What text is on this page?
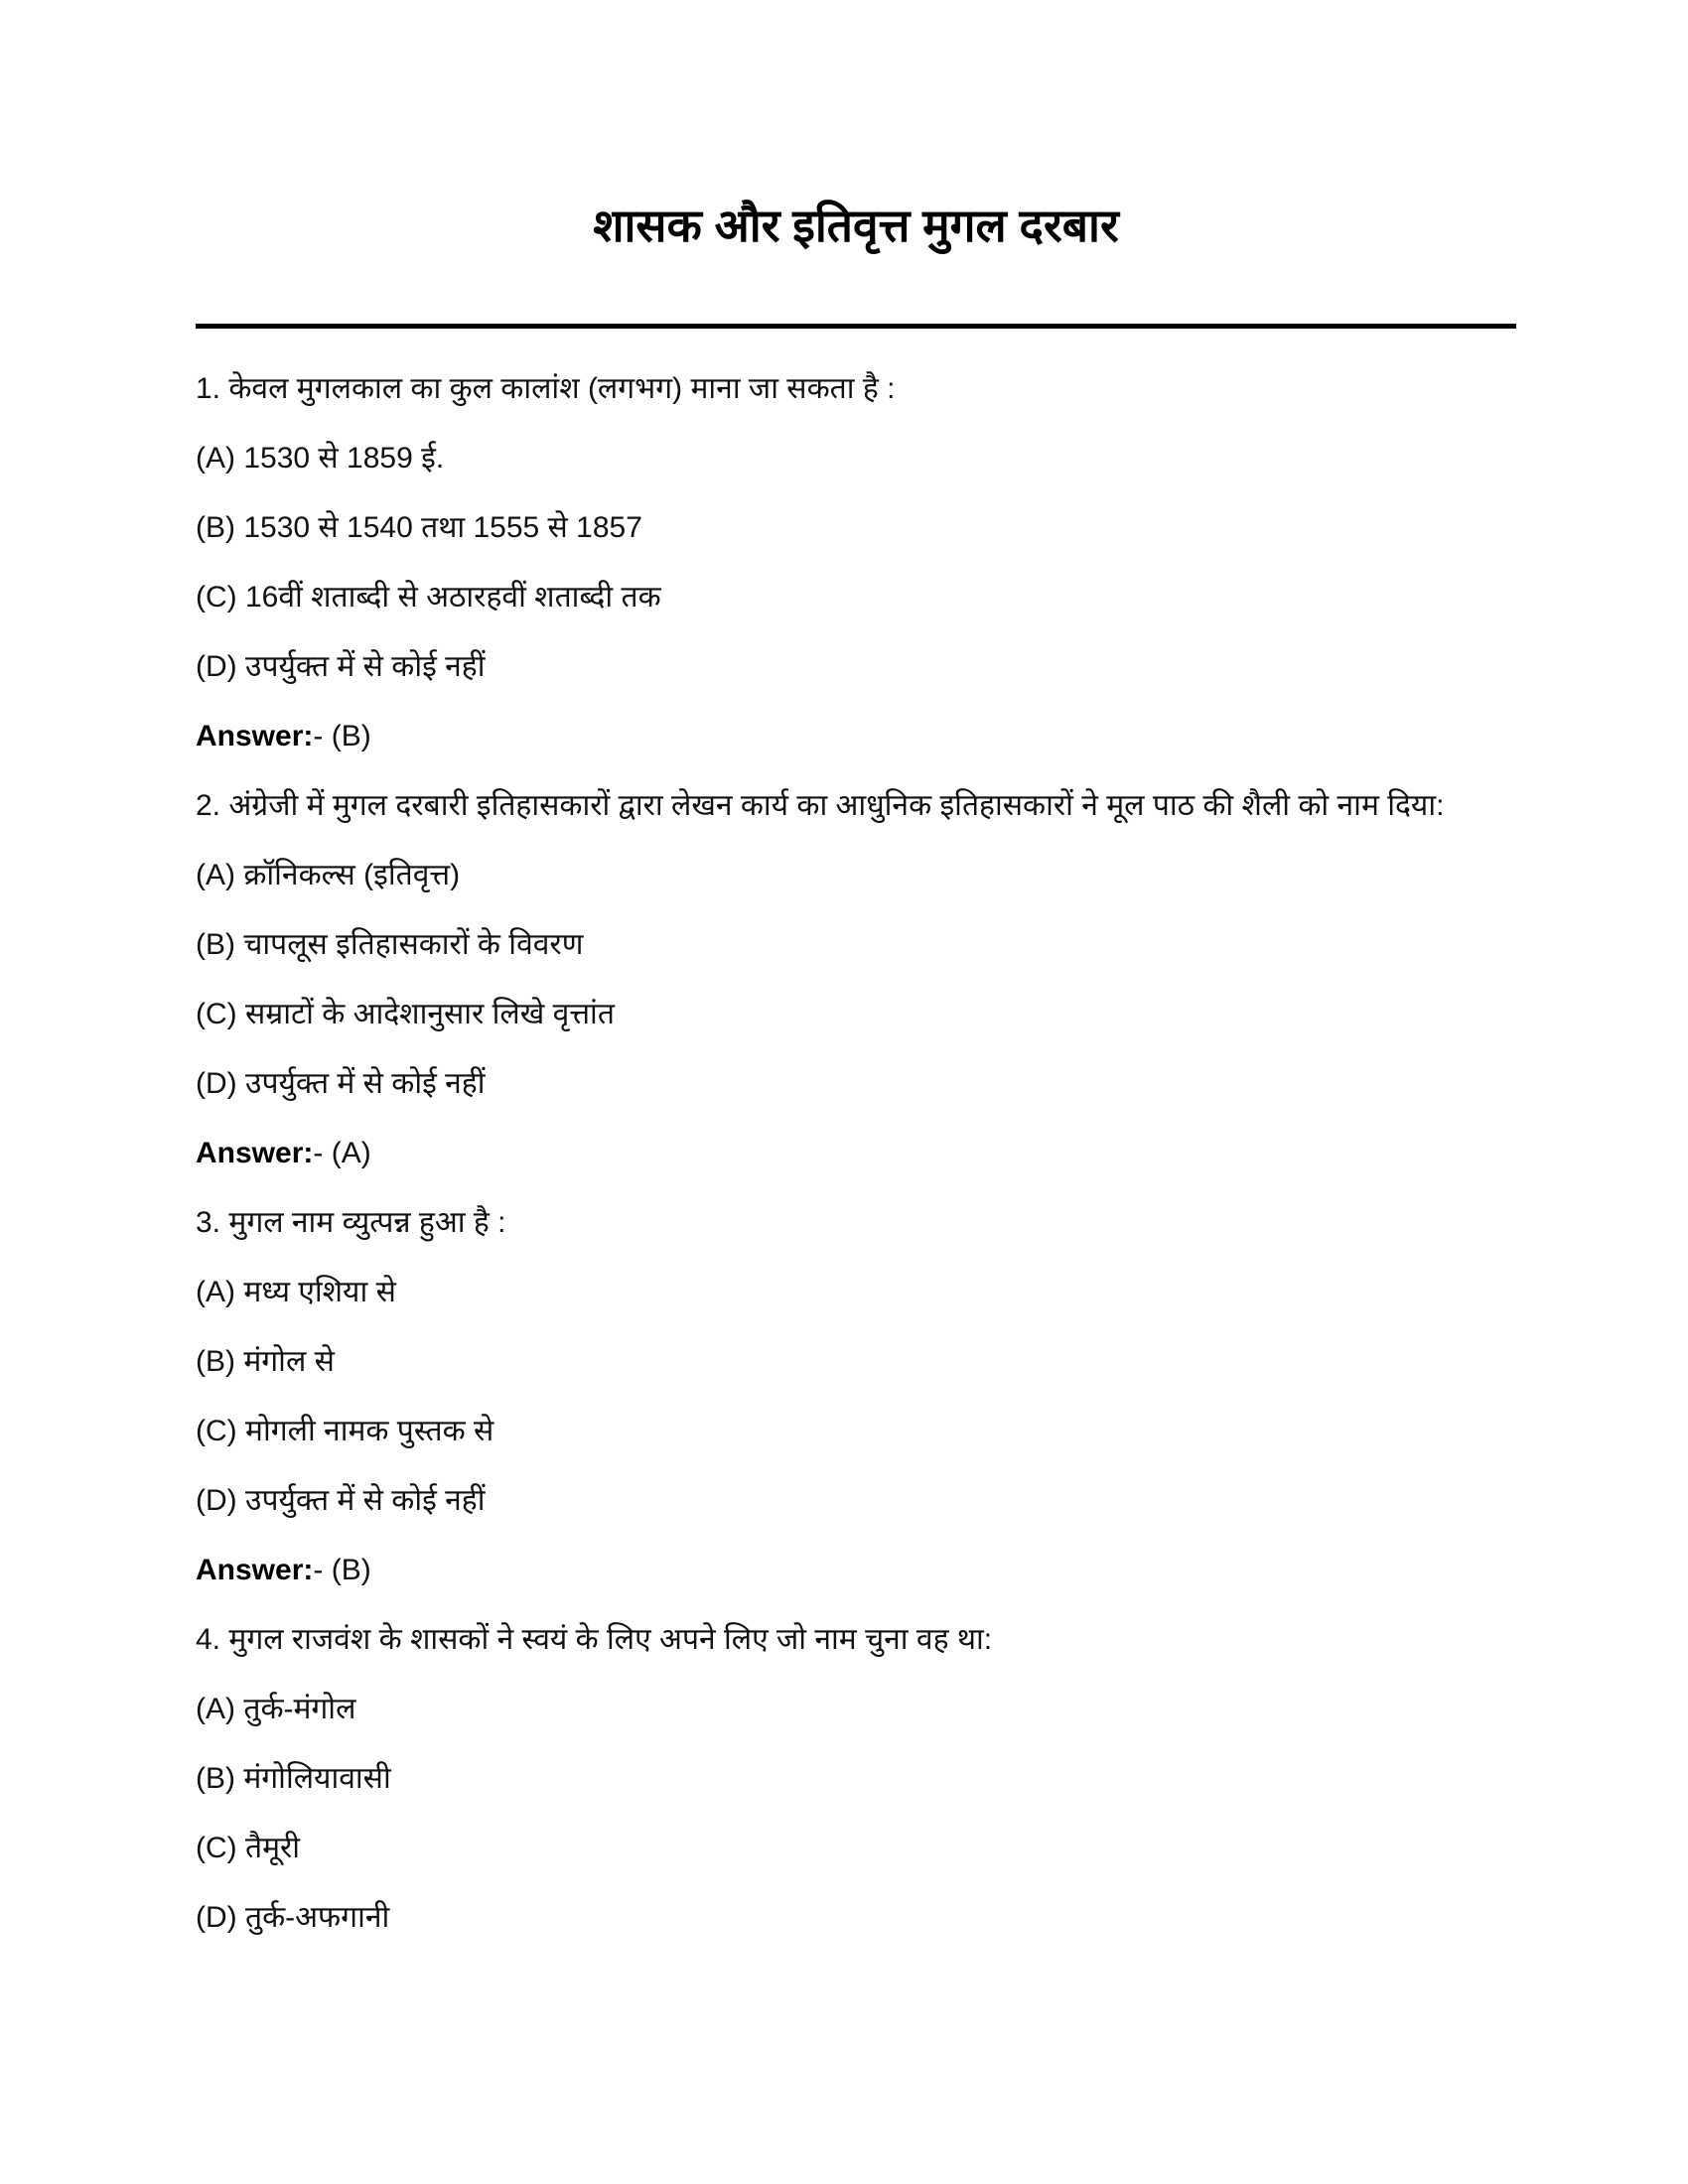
शासक और इतिवृत्त मुगल दरबार

1. केवल मुगलकाल का कुल कालांश (लगभग) माना जा सकता है :

(A) 1530 से 1859 ई.

(B) 1530 से 1540 तथा 1555 से 1857

(C) 16वीं शताब्दी से अठारहवीं शताब्दी तक

(D) उपर्युक्त में से कोई नहीं

Answer:- (B)

2. अंग्रेजी में मुगल दरबारी इतिहासकारों द्वारा लेखन कार्य का आधुनिक इतिहासकारों ने मूल पाठ की शैली को नाम दिया:

(A) क्रॉनिकल्स (इतिवृत्त)

(B) चापलूस इतिहासकारों के विवरण

(C) सम्राटों के आदेशानुसार लिखे वृत्तांत

(D) उपर्युक्त में से कोई नहीं

Answer:- (A)

3. मुगल नाम व्युत्पन्न हुआ है :

(A) मध्य एशिया से

(B) मंगोल से

(C) मोगली नामक पुस्तक से

(D) उपर्युक्त में से कोई नहीं

Answer:- (B)

4. मुगल राजवंश के शासकों ने स्वयं के लिए अपने लिए जो नाम चुना वह था:

(A) तुर्क-मंगोल

(B) मंगोलियावासी

(C) तैमूरी

(D) तुर्क-अफगानी
